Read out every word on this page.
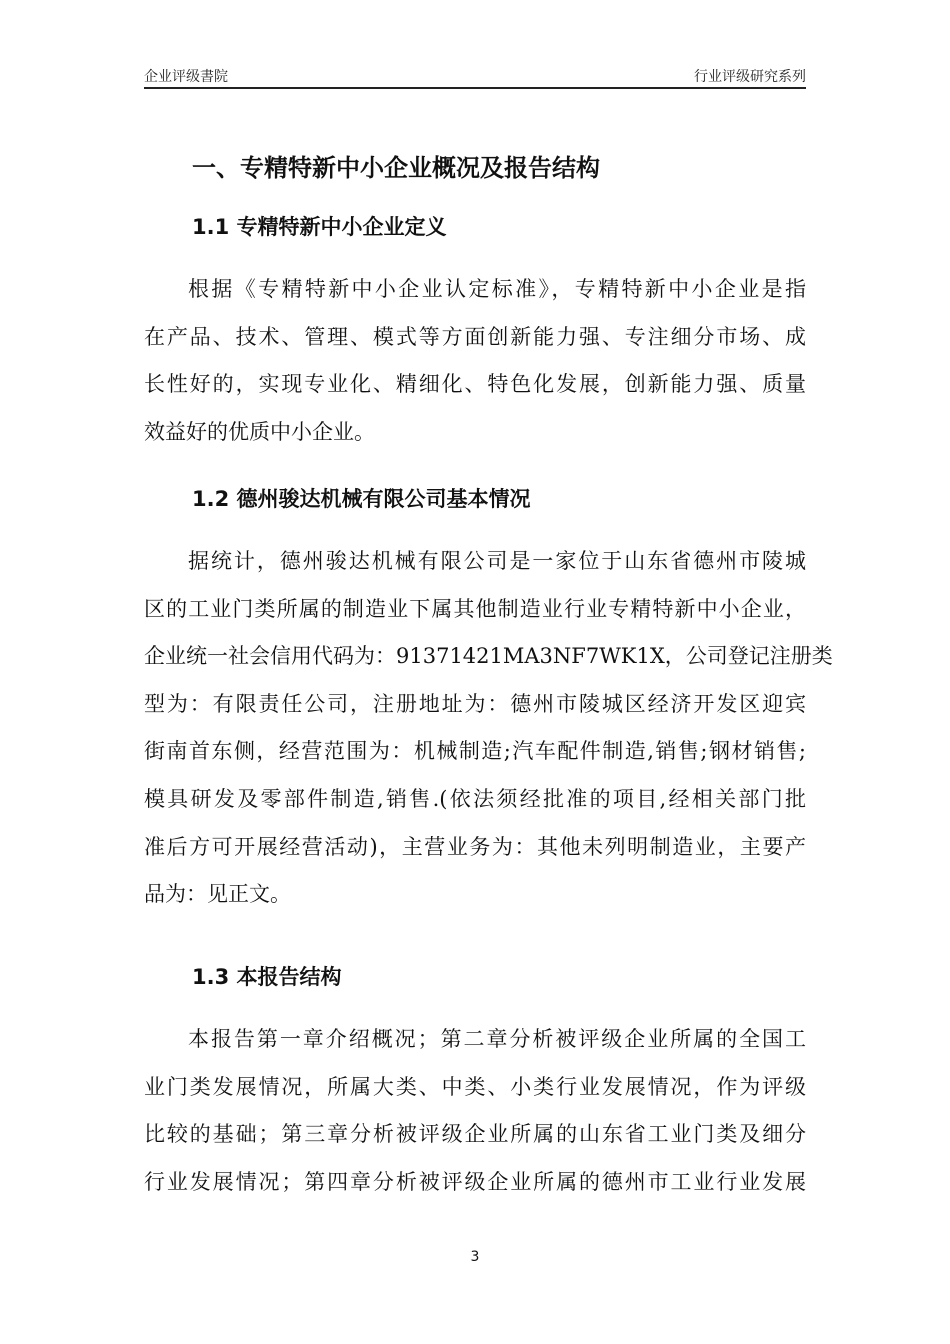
企业评级書院	行业评级研究系列
一、专精特新中小企业概况及报告结构
1.1 专精特新中小企业定义
根据《专精特新中小企业认定标准》，专精特新中小企业是指
在产品、技术、管理、模式等方面创新能力强、专注细分市场、成
长性好的，实现专业化、精细化、特色化发展，创新能力强、质量
效益好的优质中小企业。
1.2 德州骏达机械有限公司基本情况
据统计，德州骏达机械有限公司是一家位于山东省德州市陵城
区的工业门类所属的制造业下属其他制造业行业专精特新中小企业，
企业统一社会信用代码为：91371421MA3NF7WK1X，公司登记注册类
型为：有限责任公司，注册地址为：德州市陵城区经济开发区迎宾
街南首东侧，经营范围为：机械制造;汽车配件制造,销售;钢材销售;
模具研发及零部件制造,销售.(依法须经批准的项目,经相关部门批
准后方可开展经营活动)，主营业务为：其他未列明制造业，主要产
品为：见正文。
1.3 本报告结构
本报告第一章介绍概况；第二章分析被评级企业所属的全国工
业门类发展情况，所属大类、中类、小类行业发展情况，作为评级
比较的基础；第三章分析被评级企业所属的山东省工业门类及细分
行业发展情况；第四章分析被评级企业所属的德州市工业行业发展
3
